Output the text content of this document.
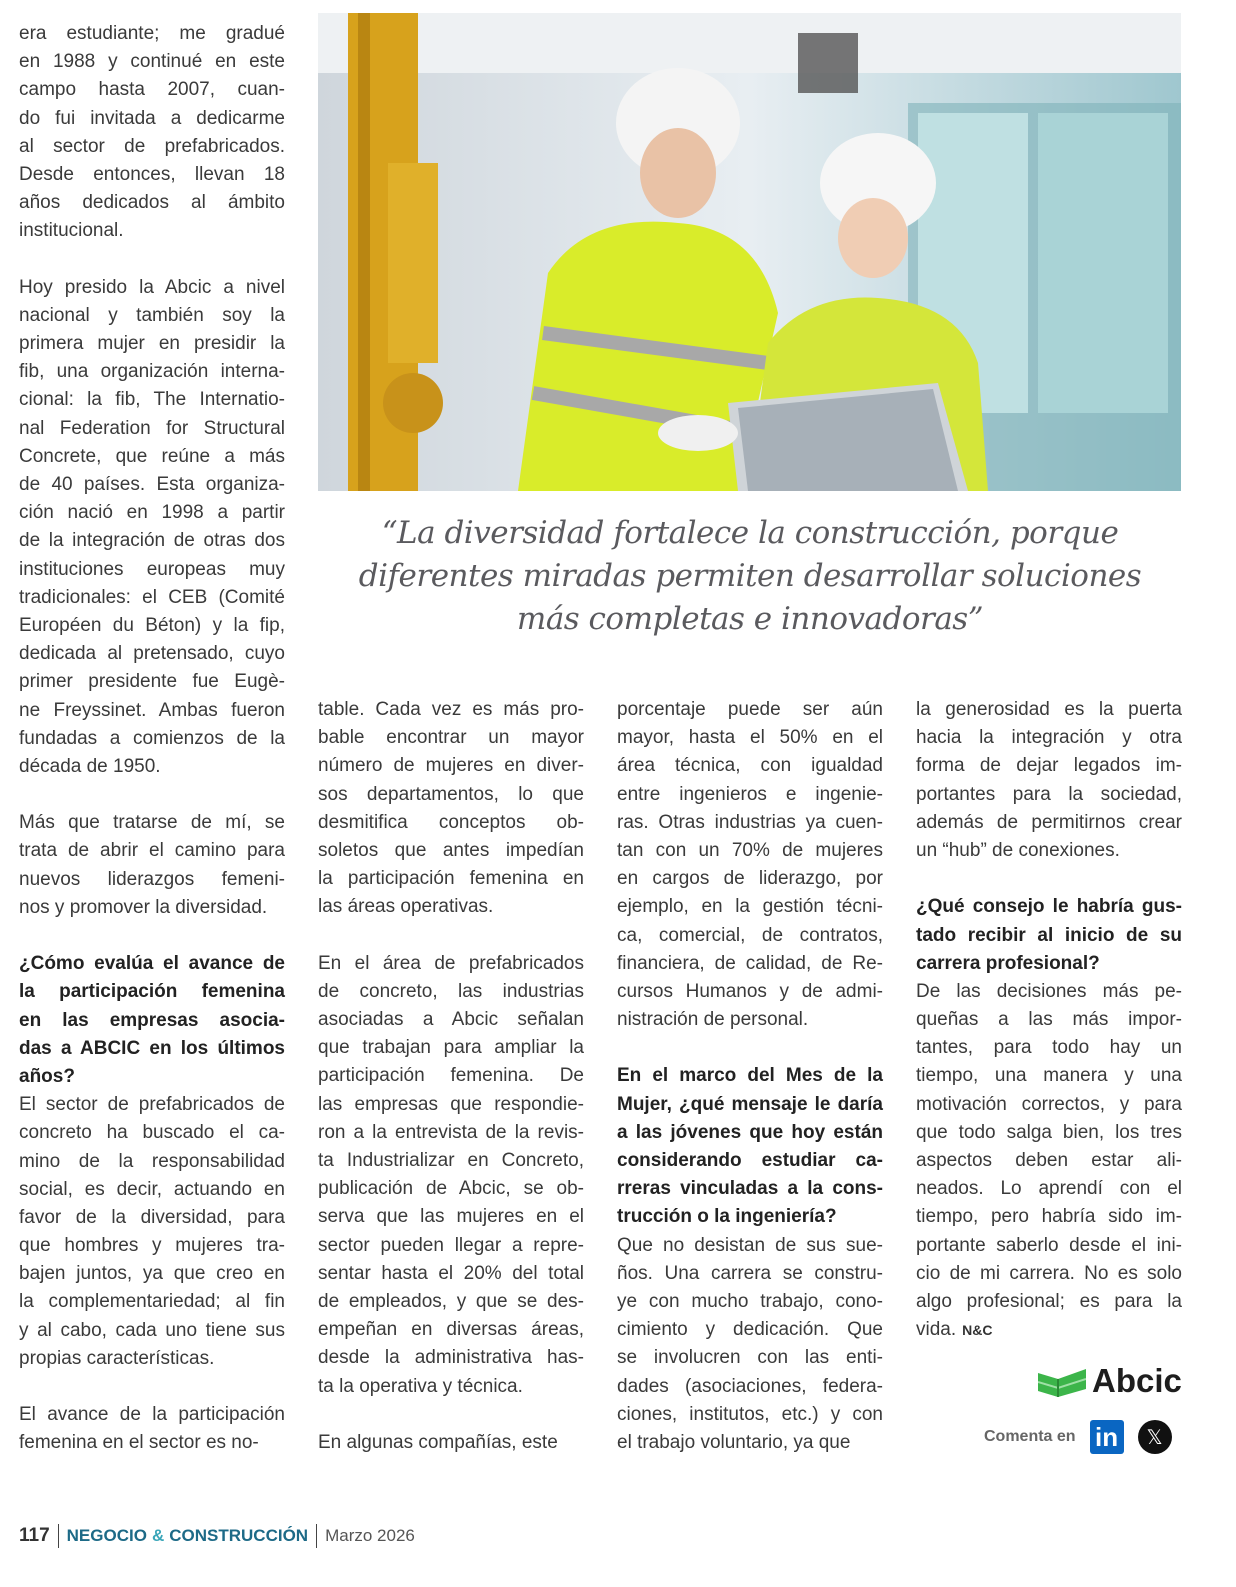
era estudiante; me gradué
en 1988 y continué en este
campo hasta 2007, cuan-
do fui invitada a dedicarme
al sector de prefabricados.
Desde entonces, llevan 18
años dedicados al ámbito
institucional.
Hoy presido la Abcic a nivel
nacional y también soy la
primera mujer en presidir la
fib, una organización interna-
cional: la fib, The Internatio-
nal Federation for Structural
Concrete, que reúne a más
de 40 países. Esta organiza-
ción nació en 1998 a partir
de la integración de otras dos
instituciones europeas muy
tradicionales: el CEB (Comité
Européen du Béton) y la fip,
dedicada al pretensado, cuyo
primer presidente fue Eugè-
ne Freyssinet. Ambas fueron
fundadas a comienzos de la
década de 1950.
Más que tratarse de mí, se
trata de abrir el camino para
nuevos liderazgos femeni-
nos y promover la diversidad.
¿Cómo evalúa el avance de
la participación femenina
en las empresas asocia-
das a ABCIC en los últimos
años?
El sector de prefabricados de
concreto ha buscado el ca-
mino de la responsabilidad
social, es decir, actuando en
favor de la diversidad, para
que hombres y mujeres tra-
bajen juntos, ya que creo en
la complementariedad; al fin
y al cabo, cada uno tiene sus
propias características.
El avance de la participación
femenina en el sector es no-
table. Cada vez es más pro-
bable encontrar un mayor
número de mujeres en diver-
sos departamentos, lo que
desmitifica conceptos ob-
soletos que antes impedían
la participación femenina en
las áreas operativas.
En el área de prefabricados
de concreto, las industrias
asociadas a Abcic señalan
que trabajan para ampliar la
participación femenina. De
las empresas que respondie-
ron a la entrevista de la revis-
ta Industrializar en Concreto,
publicación de Abcic, se ob-
serva que las mujeres en el
sector pueden llegar a repre-
sentar hasta el 20% del total
de empleados, y que se des-
empeñan en diversas áreas,
desde la administrativa has-
ta la operativa y técnica.
En algunas compañías, este
porcentaje puede ser aún
mayor, hasta el 50% en el
área técnica, con igualdad
entre ingenieros e ingenie-
ras. Otras industrias ya cuen-
tan con un 70% de mujeres
en cargos de liderazgo, por
ejemplo, en la gestión técni-
ca, comercial, de contratos,
financiera, de calidad, de Re-
cursos Humanos y de admi-
nistración de personal.
En el marco del Mes de la
Mujer, ¿qué mensaje le daría
a las jóvenes que hoy están
considerando estudiar ca-
rreras vinculadas a la cons-
trucción o la ingeniería?
Que no desistan de sus sue-
ños. Una carrera se constru-
ye con mucho trabajo, cono-
cimiento y dedicación. Que
se involucren con las enti-
dades (asociaciones, federa-
ciones, institutos, etc.) y con
el trabajo voluntario, ya que
la generosidad es la puerta
hacia la integración y otra
forma de dejar legados im-
portantes para la sociedad,
además de permitirnos crear
un “hub” de conexiones.
¿Qué consejo le habría gus-
tado recibir al inicio de su
carrera profesional?
De las decisiones más pe-
queñas a las más impor-
tantes, para todo hay un
tiempo, una manera y una
motivación correctos, y para
que todo salga bien, los tres
aspectos deben estar ali-
neados. Lo aprendí con el
tiempo, pero habría sido im-
portante saberlo desde el ini-
cio de mi carrera. No es solo
algo profesional; es para la
vida. N&C
“La diversidad fortalece la construcción, porque
diferentes miradas permiten desarrollar soluciones
más completas e innovadoras”
Abcic
Comenta en in	𝕏
117 NEGOCIO & CONSTRUCCIÓN Marzo 2026
